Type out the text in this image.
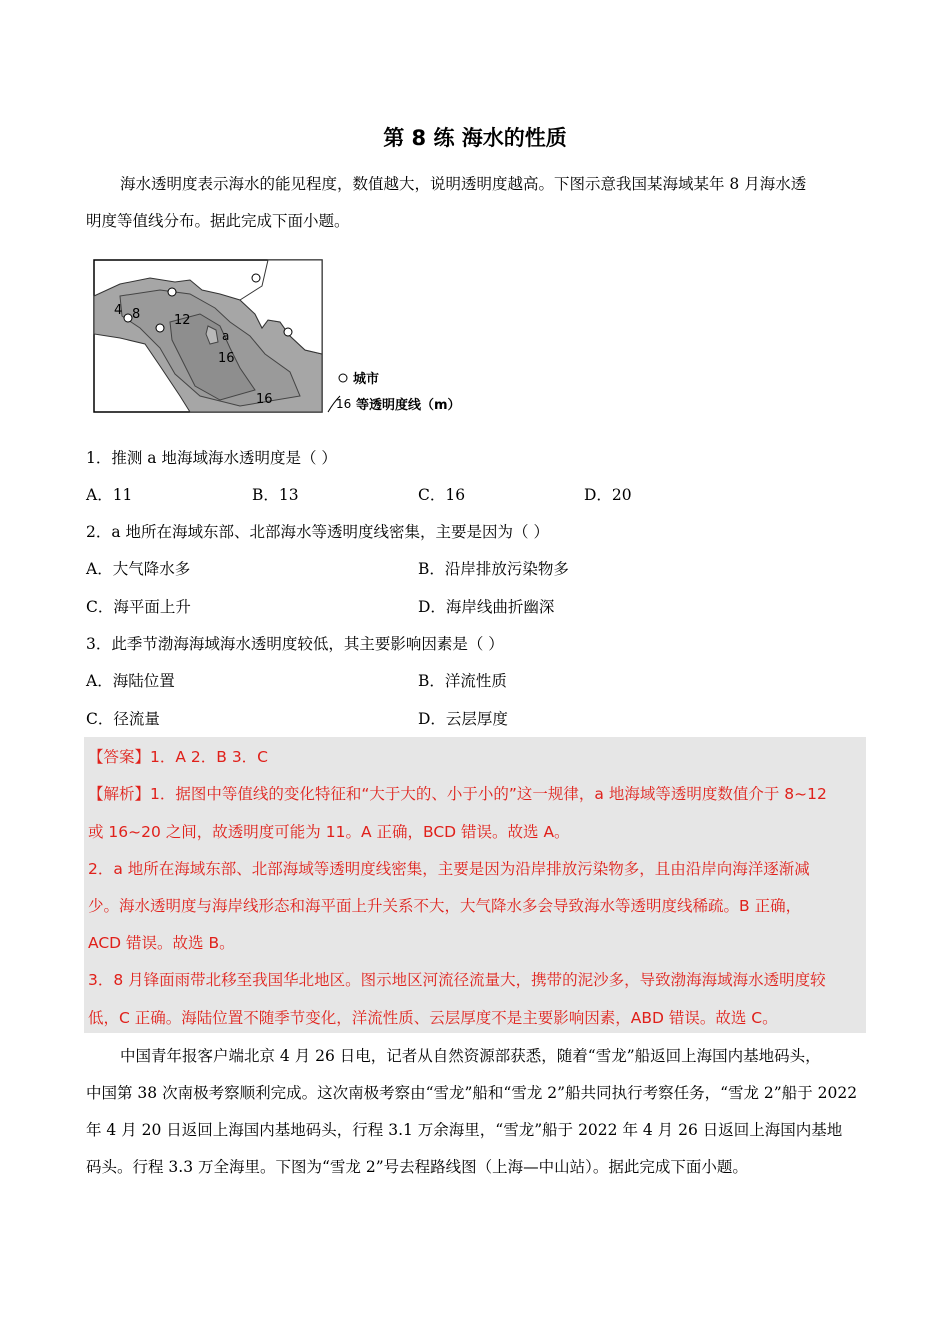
第 8 练 海水的性质
海水透明度表示海水的能见程度，数值越大，说明透明度越高。下图示意我国某海域某年 8 月海水透
明度等值线分布。据此完成下面小题。
4 8	12
a
16
16
城市
16 等透明度线（m）
1．推测 a 地海域海水透明度是（ ）
A．11	B．13	C．16	D．20
2．a 地所在海域东部、北部海水等透明度线密集，主要是因为（ ）
A．大气降水多	B．沿岸排放污染物多
C．海平面上升	D．海岸线曲折幽深
3．此季节渤海海域海水透明度较低，其主要影响因素是（ ）
A．海陆位置	B．洋流性质
C．径流量	D．云层厚度
【答案】1．A 2．B 3．C
【解析】1．据图中等值线的变化特征和“大于大的、小于小的”这一规律，a 地海域等透明度数值介于 8~12
或 16~20 之间，故透明度可能为 11。A 正确，BCD 错误。故选 A。
2．a 地所在海域东部、北部海域等透明度线密集，主要是因为沿岸排放污染物多，且由沿岸向海洋逐渐减
少。海水透明度与海岸线形态和海平面上升关系不大，大气降水多会导致海水等透明度线稀疏。B 正确，
ACD 错误。故选 B。
3．8 月锋面雨带北移至我国华北地区。图示地区河流径流量大，携带的泥沙多，导致渤海海域海水透明度较
低，C 正确。海陆位置不随季节变化，洋流性质、云层厚度不是主要影响因素，ABD 错误。故选 C。
中国青年报客户端北京 4 月 26 日电，记者从自然资源部获悉，随着“雪龙”船返回上海国内基地码头，
中国第 38 次南极考察顺利完成。这次南极考察由“雪龙”船和“雪龙 2”船共同执行考察任务，“雪龙 2”船于 2022
年 4 月 20 日返回上海国内基地码头，行程 3.1 万余海里，“雪龙”船于 2022 年 4 月 26 日返回上海国内基地
码头。行程 3.3 万全海里。下图为“雪龙 2”号去程路线图（上海—中山站）。据此完成下面小题。
